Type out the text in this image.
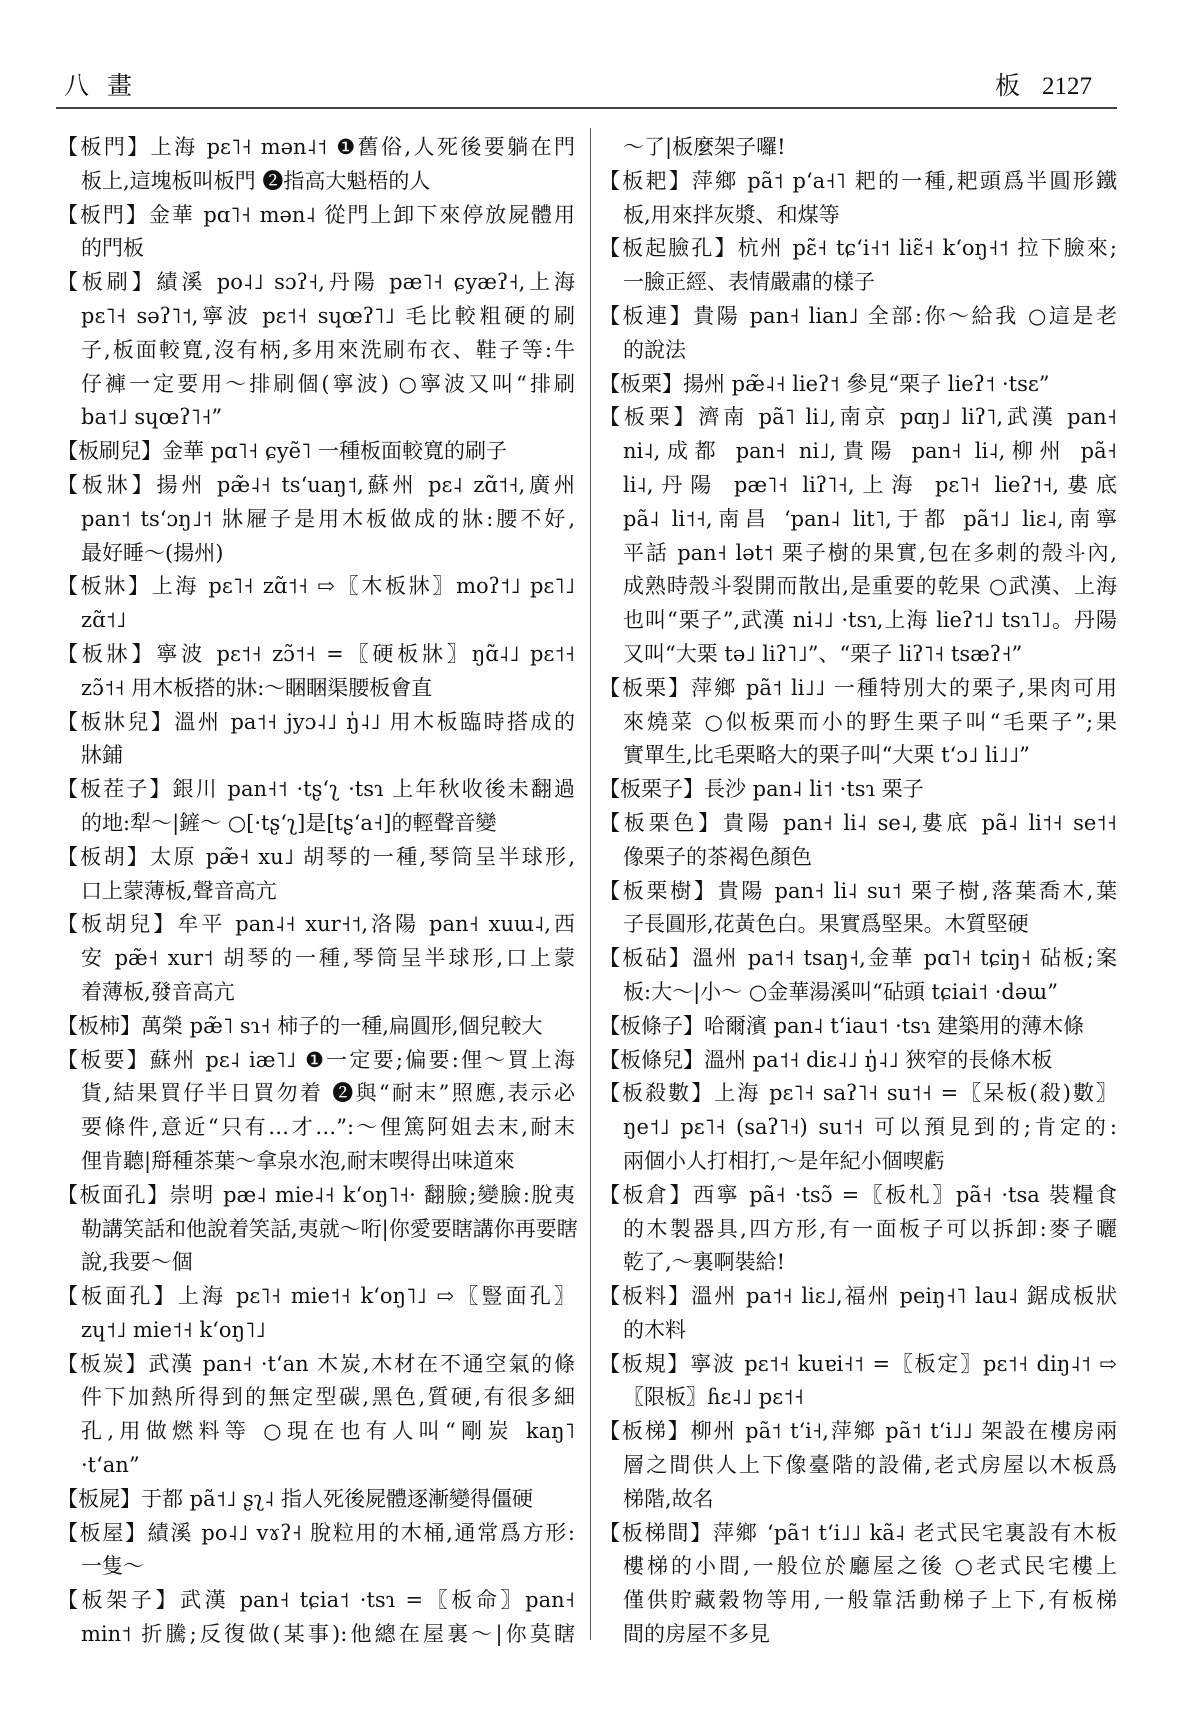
八畫	板 2127
【板門】上海 pɛ˥˧ mən˨˦ ❶舊俗,人死後要躺在門
板上,這塊板叫板門 ❷指高大魁梧的人
【板門】金華 pɑ˥˧ mən˨ 從門上卸下來停放屍體用
的門板
【板刷】績溪 po˨˩ sɔʔ˧,丹陽 pæ˥˧ ɕyæʔ˧,上海
pɛ˥˧ səʔ˥˦,寧波 pɛ˦˧ sɥœʔ˥˩ 毛比較粗硬的刷
子,板面較寬,沒有柄,多用來洗刷布衣、鞋子等:牛
仔褲一定要用～排刷個(寧波) ○寧波又叫“排刷
ba˦˩ sɥœʔ˥˧”
【板刷兒】金華 pɑ˥˧ ɕyẽ˥ 一種板面較寬的刷子
【板牀】揚州 pæ̃˨˧ tsʻuaŋ˦,蘇州 pɛ˨ zɑ̃˦˧,廣州
pan˦ tsʻɔŋ˩˦ 牀屜子是用木板做成的牀:腰不好,
最好睡～(揚州)
【板牀】上海 pɛ˥˧ zɑ̃˦˧ ⇨〖木板牀〗moʔ˦˩ pɛ˥˩
zɑ̃˦˩
【板牀】寧波 pɛ˦˧ zɔ̃˦˧ =〖硬板牀〗ŋɑ̃˨˩ pɛ˦˧
zɔ̃˦˧ 用木板搭的牀:～睏睏渠腰板會直
【板牀兒】溫州 pa˦˧ jyɔ˨˩ ŋ̍˨˩ 用木板臨時搭成的
牀鋪
【板茬子】銀川 pan˧˦ ·tʂʻʅ ·tsɿ 上年秋收後未翻過
的地:犁～|鏟～ ○[·tʂʻʅ]是[tʂʻa˧]的輕聲音變
【板胡】太原 pæ̃˧ xu˩ 胡琴的一種,琴筒呈半球形,
口上蒙薄板,聲音高亢
【板胡兒】牟平 pan˨˧ xur˧˦,洛陽 pan˧ xuɯ˨,西
安 pæ̃˧ xur˦ 胡琴的一種,琴筒呈半球形,口上蒙
着薄板,發音高亢
【板柿】萬榮 pæ̃˥ sɿ˧ 柿子的一種,扁圓形,個兒較大
【板要】蘇州 pɛ˨ iæ˥˩ ❶一定要;偏要:俚～買上海
貨,結果買仔半日買勿着 ❷與“耐末”照應,表示必
要條件,意近“只有…才…”:～俚篤阿姐去末,耐末
俚肯聽|搿種茶葉～拿泉水泡,耐末喫得出味道來
【板面孔】崇明 pæ˨ mie˨˧ kʻoŋ˥˧· 翻臉;變臉:脫夷
勒講笑話和他說着笑話,夷就～哘|你愛要瞎講你再要瞎
說,我要～個
【板面孔】上海 pɛ˥˧ mie˦˧ kʻoŋ˥˩ ⇨〖豎面孔〗
zɥ˦˩ mie˦˧ kʻoŋ˥˩
【板炭】武漢 pan˧ ·tʻan 木炭,木材在不通空氣的條
件下加熱所得到的無定型碳,黑色,質硬,有很多細
孔,用做燃料等 ○現在也有人叫“剛炭 kaŋ˥
·tʻan”
【板屍】于都 pã˦˩ ʂʅ˨ 指人死後屍體逐漸變得僵硬
【板屋】績溪 po˨˩ vɤʔ˧ 脫粒用的木桶,通常爲方形:
一隻～
【板架子】武漢 pan˧ tɕia˦ ·tsɿ =〖板命〗pan˧
min˦ 折騰;反復做(某事):他總在屋裏～|你莫瞎
～了|板麼架子囉!
【板耙】萍鄉 pã˦ pʻa˧˥ 耙的一種,耙頭爲半圓形鐵
板,用來拌灰漿、和煤等
【板起臉孔】杭州 pɛ̃˧ tɕʻi˧˦ liɛ̃˧ kʻoŋ˧˦ 拉下臉來;
一臉正經、表情嚴肅的樣子
【板連】貴陽 pan˧ lian˩ 全部:你～給我 ○這是老
的說法
【板栗】揚州 pæ̃˨˧ lieʔ˦ 參見“栗子 lieʔ˦ ·tsɛ”
【板栗】濟南 pã˥ li˩,南京 pɑŋ˩ liʔ˥,武漢 pan˧
ni˨,成都 pan˧ ni˩,貴陽 pan˧ li˨,柳州 pã˧
li˨,丹陽 pæ˥˧ liʔ˥˧,上海 pɛ˥˧ lieʔ˦˧,婁底
pã˨ li˦˧,南昌 ʻpan˨ lit˥,于都 pã˦˩ liɛ˨,南寧
平話 pan˧ lət˦ 栗子樹的果實,包在多刺的殼斗內,
成熟時殼斗裂開而散出,是重要的乾果 ○武漢、上海
也叫“栗子”,武漢 ni˨˩ ·tsɿ,上海 lieʔ˦˩ tsɿ˥˩。丹陽
又叫“大栗 tə˩ liʔ˥˩”、“栗子 liʔ˥˧ tsæʔ˧”
【板栗】萍鄉 pã˦ li˩˩ 一種特別大的栗子,果肉可用
來燒菜 ○似板栗而小的野生栗子叫“毛栗子”;果
實單生,比毛栗略大的栗子叫“大栗 tʻɔ˩ li˩˩”
【板栗子】長沙 pan˨ li˦ ·tsɿ 栗子
【板栗色】貴陽 pan˧ li˨ se˨,婁底 pã˨ li˦˧ se˦˧
像栗子的茶褐色顏色
【板栗樹】貴陽 pan˧ li˨ su˦ 栗子樹,落葉喬木,葉
子長圓形,花黃色白。果實爲堅果。木質堅硬
【板砧】溫州 pa˦˧ tsaŋ˧,金華 pɑ˥˧ tɕiŋ˧ 砧板;案
板:大～|小～ ○金華湯溪叫“砧頭 tɕiai˦ ·dəɯ”
【板條子】哈爾濱 pan˨ tʻiau˦ ·tsɿ 建築用的薄木條
【板條兒】溫州 pa˦˧ diɛ˨˩ ŋ̍˨˩ 狹窄的長條木板
【板殺數】上海 pɛ˥˧ saʔ˥˧ su˦˧ =〖呆板(殺)數〗
ŋe˦˩ pɛ˥˧ (saʔ˥˧) su˦˧ 可以預見到的;肯定的:
兩個小人打相打,～是年紀小個喫虧
【板倉】西寧 pã˧ ·tsɔ̃ =〖板札〗pã˧ ·tsa 裝糧食
的木製器具,四方形,有一面板子可以拆卸:麥子曬
乾了,～裏啊裝給!
【板料】溫州 pa˦˧ liɛ˩,福州 peiŋ˧˥ lau˨ 鋸成板狀
的木料
【板規】寧波 pɛ˦˧ kuɐi˧˦ =〖板定〗pɛ˦˧ diŋ˨˦ ⇨
〖限板〗ɦɛ˨˩ pɛ˦˧
【板梯】柳州 pã˦ tʻi˧,萍鄉 pã˦ tʻi˩˩ 架設在樓房兩
層之間供人上下像臺階的設備,老式房屋以木板爲
梯階,故名
【板梯間】萍鄉 ʻpã˦ tʻi˩˩ kã˨ 老式民宅裏設有木板
樓梯的小間,一般位於廳屋之後 ○老式民宅樓上
僅供貯藏穀物等用,一般靠活動梯子上下,有板梯
間的房屋不多見
